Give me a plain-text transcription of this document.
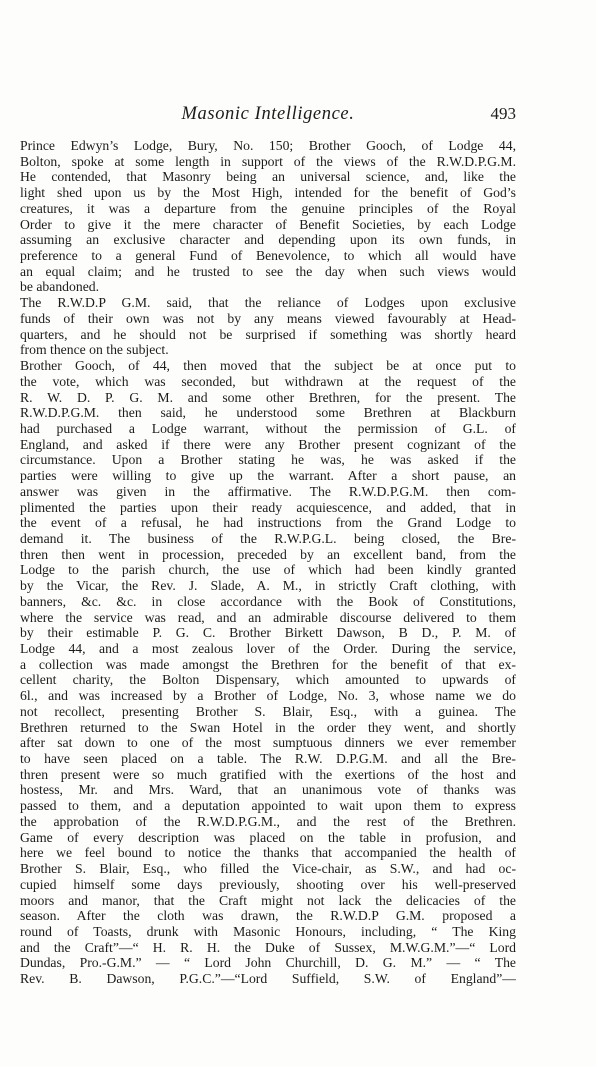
Masonic Intelligence.	493
Prince Edwyn’s Lodge, Bury, No. 150; Brother Gooch, of Lodge 44,
Bolton, spoke at some length in support of the views of the R.W.D.P.G.M.
He contended, that Masonry being an universal science, and, like the
light shed upon us by the Most High, intended for the benefit of God’s
creatures, it was a departure from the genuine principles of the Royal
Order to give it the mere character of Benefit Societies, by each Lodge
assuming an exclusive character and depending upon its own funds, in
preference to a general Fund of Benevolence, to which all would have
an equal claim; and he trusted to see the day when such views would
be abandoned.
The R.W.D.P G.M. said, that the reliance of Lodges upon exclusive
funds of their own was not by any means viewed favourably at Head-
quarters, and he should not be surprised if something was shortly heard
from thence on the subject.
Brother Gooch, of 44, then moved that the subject be at once put to
the vote, which was seconded, but withdrawn at the request of the
R. W. D. P. G. M. and some other Brethren, for the present. The
R.W.D.P.G.M. then said, he understood some Brethren at Blackburn
had purchased a Lodge warrant, without the permission of G.L. of
England, and asked if there were any Brother present cognizant of the
circumstance. Upon a Brother stating he was, he was asked if the
parties were willing to give up the warrant. After a short pause, an
answer was given in the affirmative. The R.W.D.P.G.M. then com-
plimented the parties upon their ready acquiescence, and added, that in
the event of a refusal, he had instructions from the Grand Lodge to
demand it. The business of the R.W.P.G.L. being closed, the Bre-
thren then went in procession, preceded by an excellent band, from the
Lodge to the parish church, the use of which had been kindly granted
by the Vicar, the Rev. J. Slade, A. M., in strictly Craft clothing, with
banners, &c. &c. in close accordance with the Book of Constitutions,
where the service was read, and an admirable discourse delivered to them
by their estimable P. G. C. Brother Birkett Dawson, B D., P. M. of
Lodge 44, and a most zealous lover of the Order. During the service,
a collection was made amongst the Brethren for the benefit of that ex-
cellent charity, the Bolton Dispensary, which amounted to upwards of
6l., and was increased by a Brother of Lodge, No. 3, whose name we do
not recollect, presenting Brother S. Blair, Esq., with a guinea. The
Brethren returned to the Swan Hotel in the order they went, and shortly
after sat down to one of the most sumptuous dinners we ever remember
to have seen placed on a table. The R.W. D.P.G.M. and all the Bre-
thren present were so much gratified with the exertions of the host and
hostess, Mr. and Mrs. Ward, that an unanimous vote of thanks was
passed to them, and a deputation appointed to wait upon them to express
the approbation of the R.W.D.P.G.M., and the rest of the Brethren.
Game of every description was placed on the table in profusion, and
here we feel bound to notice the thanks that accompanied the health of
Brother S. Blair, Esq., who filled the Vice-chair, as S.W., and had oc-
cupied himself some days previously, shooting over his well-preserved
moors and manor, that the Craft might not lack the delicacies of the
season. After the cloth was drawn, the R.W.D.P G.M. proposed a
round of Toasts, drunk with Masonic Honours, including, “ The King
and the Craft”—“ H. R. H. the Duke of Sussex, M.W.G.M.”—“ Lord
Dundas, Pro.-G.M.” — “ Lord John Churchill, D. G. M.” — “ The
Rev. B. Dawson, P.G.C.”—“Lord Suffield, S.W. of England”—
